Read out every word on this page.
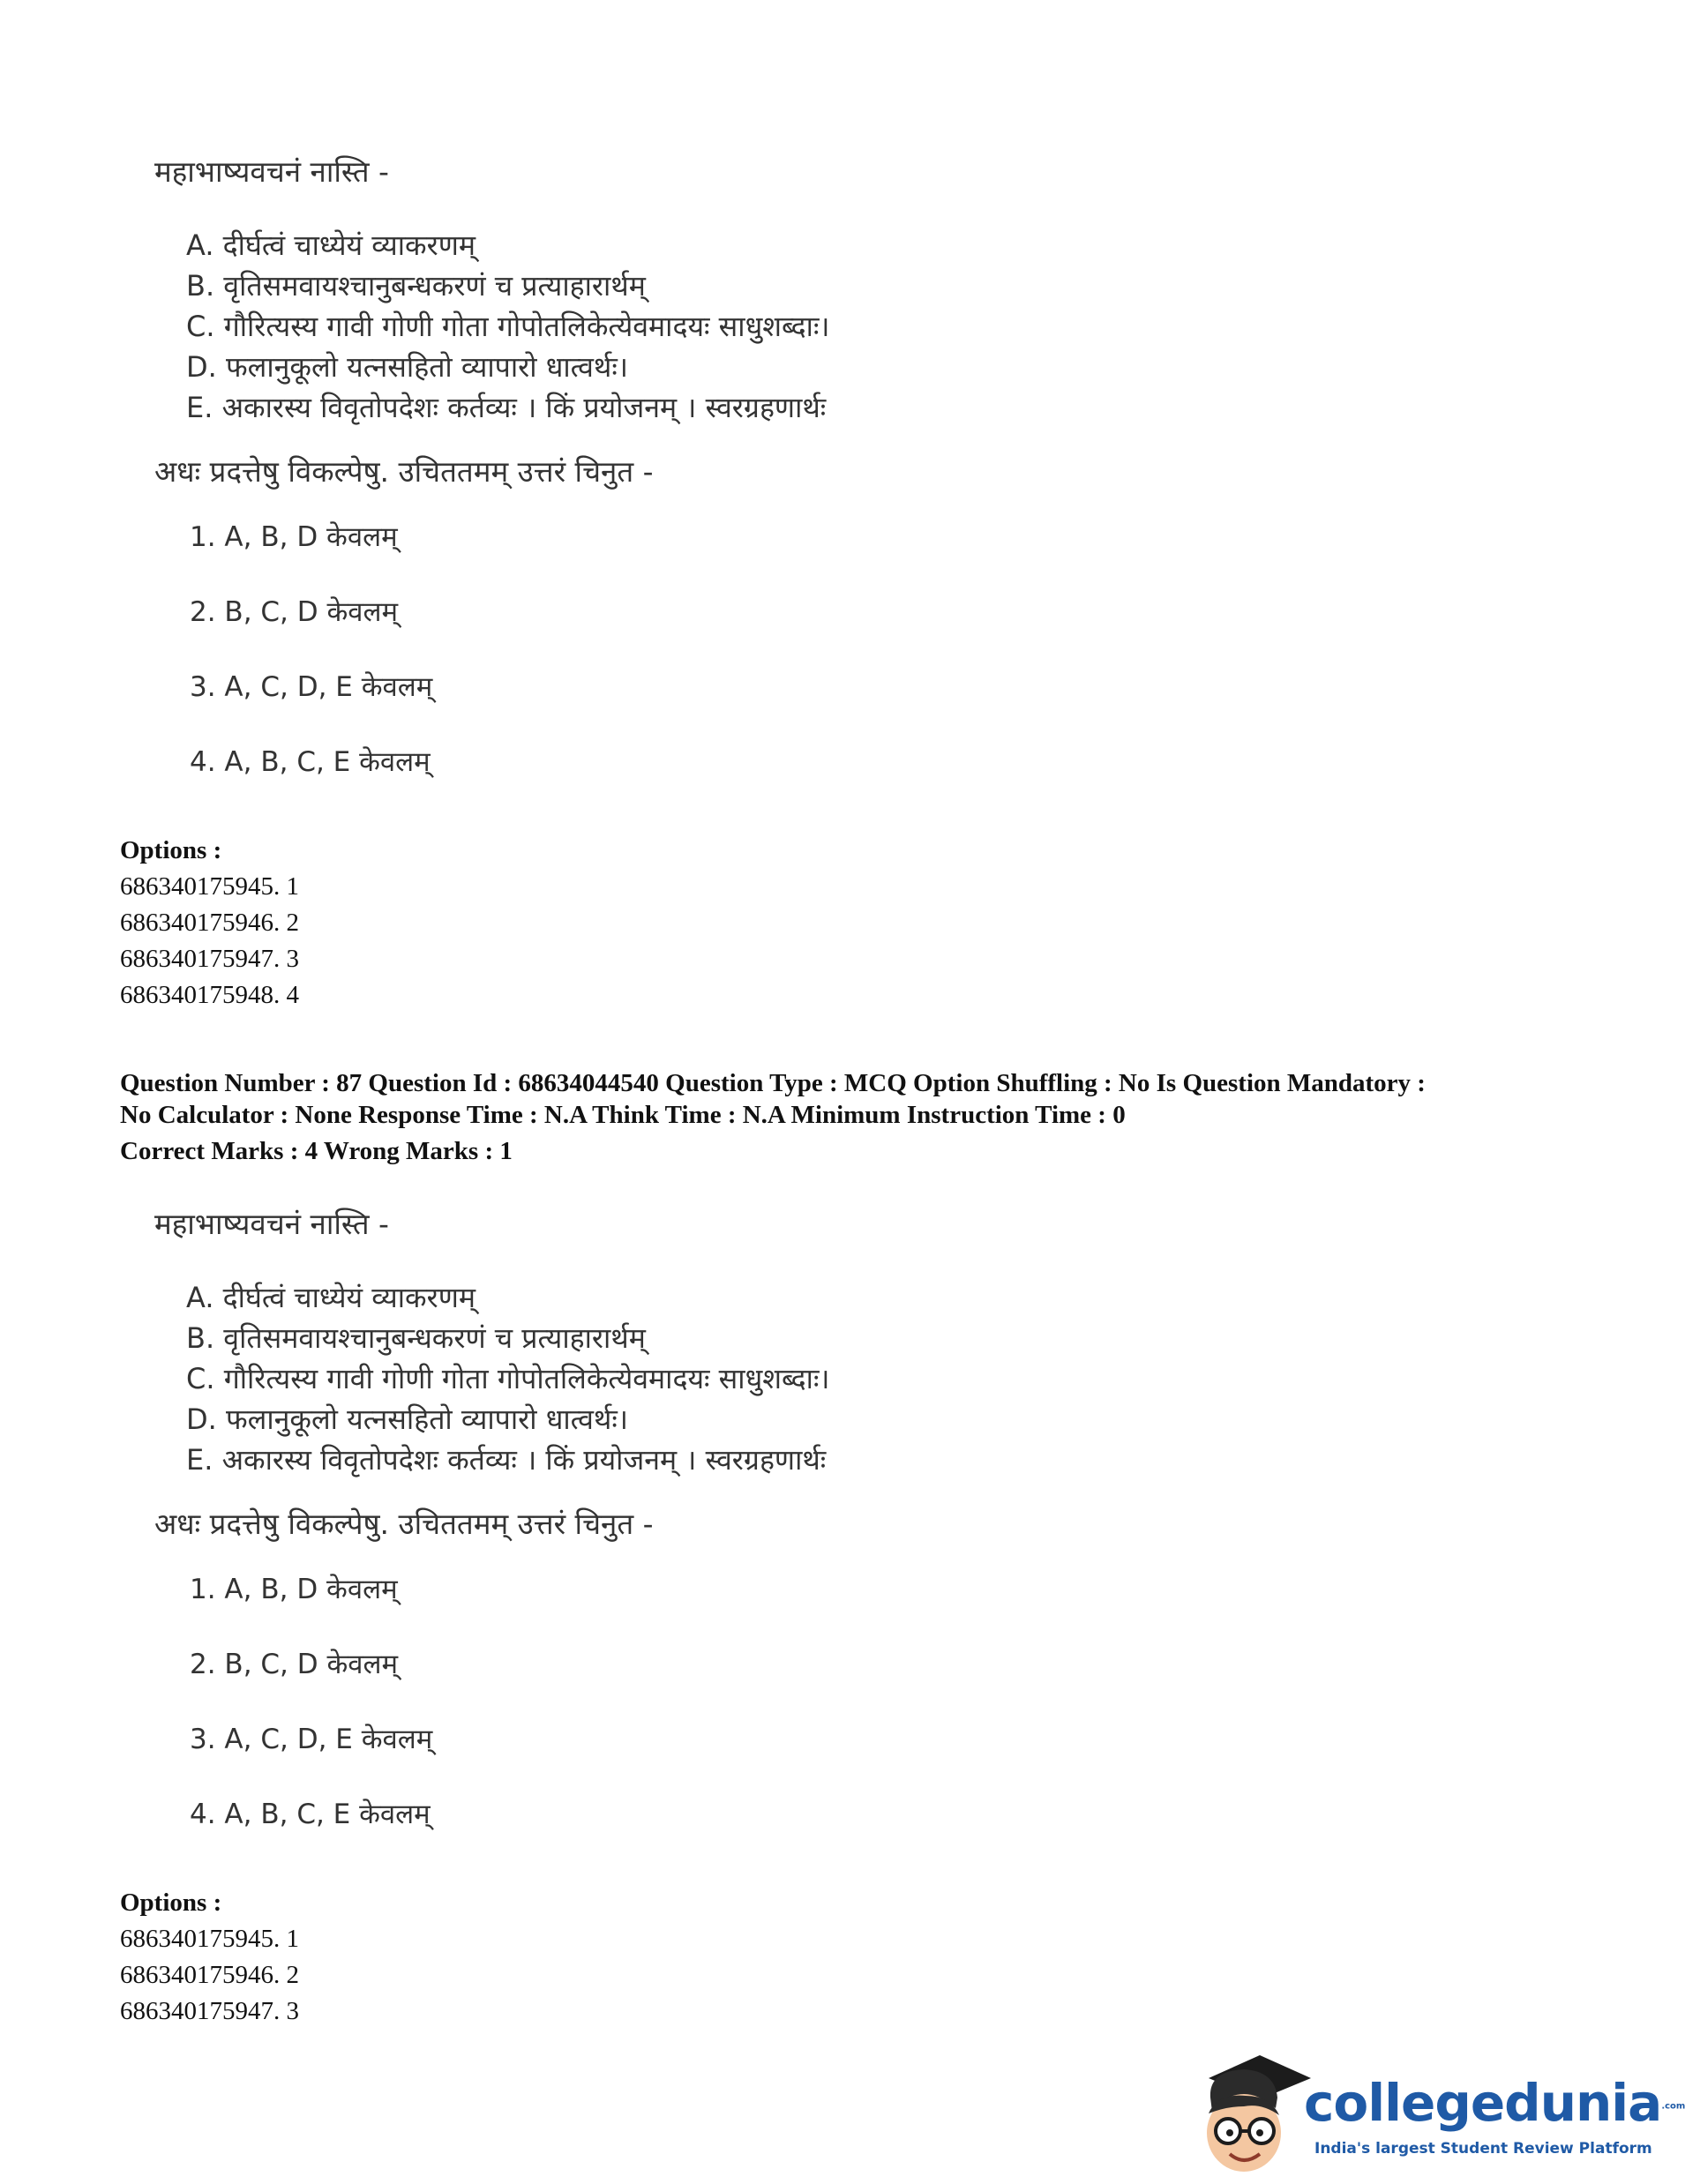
महाभाष्यवचनं नास्ति -
A. दीर्घत्वं चाध्येयं व्याकरणम्
B. वृतिसमवायश्चानुबन्धकरणं च प्रत्याहारार्थम्
C. गौरित्यस्य गावी गोणी गोता गोपोतलिकेत्येवमादयः साधुशब्दाः।
D. फलानुकूलो यत्नसहितो व्यापारो धात्वर्थः।
E. अकारस्य विवृतोपदेशः कर्तव्यः । किं प्रयोजनम् । स्वरग्रहणार्थः
अधः प्रदत्तेषु विकल्पेषु. उचिततमम् उत्तरं चिनुत -
1. A, B, D केवलम्
2. B, C, D केवलम्
3. A, C, D, E केवलम्
4. A, B, C, E केवलम्
Options :
686340175945. 1
686340175946. 2
686340175947. 3
686340175948. 4
Question Number : 87 Question Id : 68634044540 Question Type : MCQ Option Shuffling : No Is Question Mandatory :
No Calculator : None Response Time : N.A Think Time : N.A Minimum Instruction Time : 0
Correct Marks : 4 Wrong Marks : 1
महाभाष्यवचनं नास्ति -
A. दीर्घत्वं चाध्येयं व्याकरणम्
B. वृतिसमवायश्चानुबन्धकरणं च प्रत्याहारार्थम्
C. गौरित्यस्य गावी गोणी गोता गोपोतलिकेत्येवमादयः साधुशब्दाः।
D. फलानुकूलो यत्नसहितो व्यापारो धात्वर्थः।
E. अकारस्य विवृतोपदेशः कर्तव्यः । किं प्रयोजनम् । स्वरग्रहणार्थः
अधः प्रदत्तेषु विकल्पेषु. उचिततमम् उत्तरं चिनुत -
1. A, B, D केवलम्
2. B, C, D केवलम्
3. A, C, D, E केवलम्
4. A, B, C, E केवलम्
Options :
686340175945. 1
686340175946. 2
686340175947. 3
collegedunia.com
India's largest Student Review Platform
